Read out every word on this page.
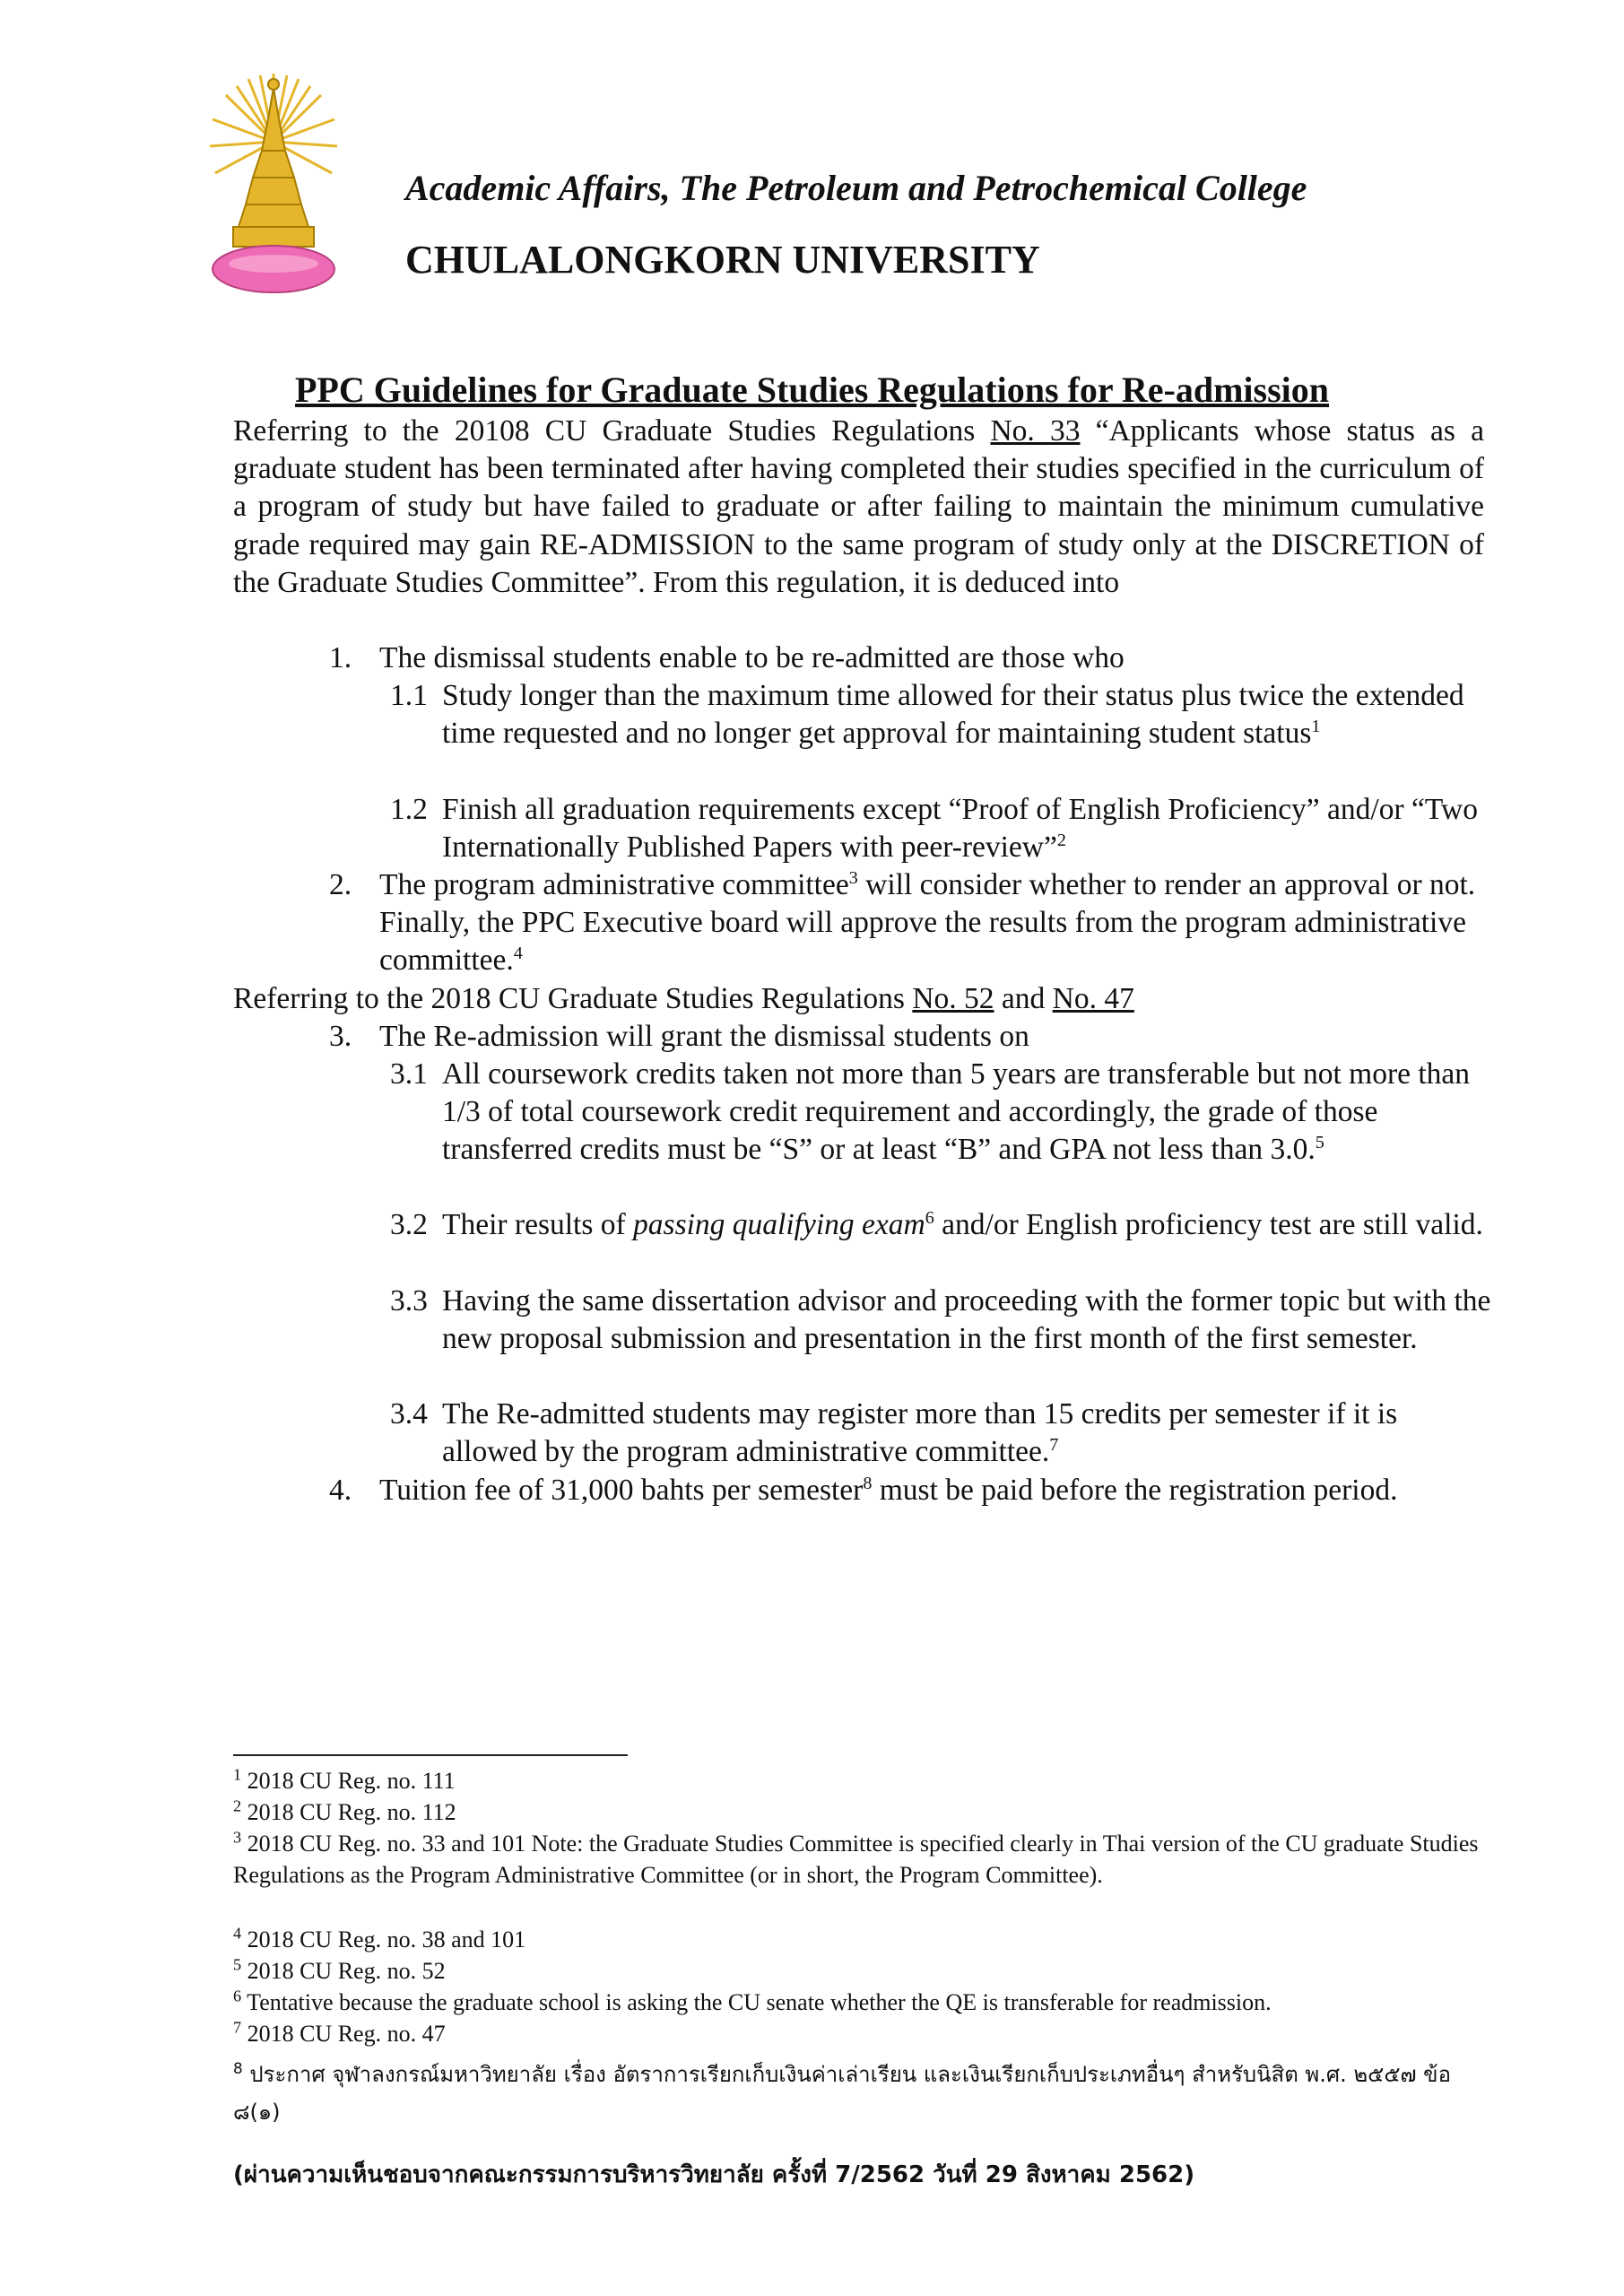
Academic Affairs, The Petroleum and Petrochemical College
CHULALONGKORN UNIVERSITY
PPC Guidelines for Graduate Studies Regulations for Re-admission
Referring to the 20108 CU Graduate Studies Regulations No. 33 “Applicants whose status as a graduate student has been terminated after having completed their studies specified in the curriculum of a program of study but have failed to graduate or after failing to maintain the minimum cumulative grade required may gain RE-ADMISSION to the same program of study only at the DISCRETION of the Graduate Studies Committee”. From this regulation, it is deduced into
1. The dismissal students enable to be re-admitted are those who
1.1 Study longer than the maximum time allowed for their status plus twice the extended time requested and no longer get approval for maintaining student status$^1$
1.2 Finish all graduation requirements except “Proof of English Proficiency” and/or “Two Internationally Published Papers with peer-review”$^2$
2. The program administrative committee$^3$ will consider whether to render an approval or not. Finally, the PPC Executive board will approve the results from the program administrative committee.$^4$
Referring to the 2018 CU Graduate Studies Regulations No. 52 and No. 47
3. The Re-admission will grant the dismissal students on
3.1 All coursework credits taken not more than 5 years are transferable but not more than 1/3 of total coursework credit requirement and accordingly, the grade of those transferred credits must be “S” or at least “B” and GPA not less than 3.0.$^5$
3.2 Their results of passing qualifying exam$^6$ and/or English proficiency test are still valid.
3.3 Having the same dissertation advisor and proceeding with the former topic but with the new proposal submission and presentation in the first month of the first semester.
3.4 The Re-admitted students may register more than 15 credits per semester if it is allowed by the program administrative committee.$^7$
4. Tuition fee of 31,000 bahts per semester$^8$ must be paid before the registration period.
$^1$ 2018 CU Reg. no. 111
$^2$ 2018 CU Reg. no. 112
$^3$ 2018 CU Reg. no. 33 and 101 Note: the Graduate Studies Committee is specified clearly in Thai version of the CU graduate Studies Regulations as the Program Administrative Committee (or in short, the Program Committee).
$^4$ 2018 CU Reg. no. 38 and 101
$^5$ 2018 CU Reg. no. 52
$^6$ Tentative because the graduate school is asking the CU senate whether the QE is transferable for readmission.
$^7$ 2018 CU Reg. no. 47
$^8$ ประกาศ จุฬาลงกรณ์มหาวิทยาลัย เรื่อง อัตราการเรียกเก็บเงินค่าเล่าเรียน และเงินเรียกเก็บประเภทอื่นๆ สำหรับนิสิต พ.ศ. ๒๕๕๗ ข้อ ๘(๑)
(ผ่านความเห็นชอบจากคณะกรรมการบริหารวิทยาลัย ครั้งที่ 7/2562 วันที่ 29 สิงหาคม 2562)
